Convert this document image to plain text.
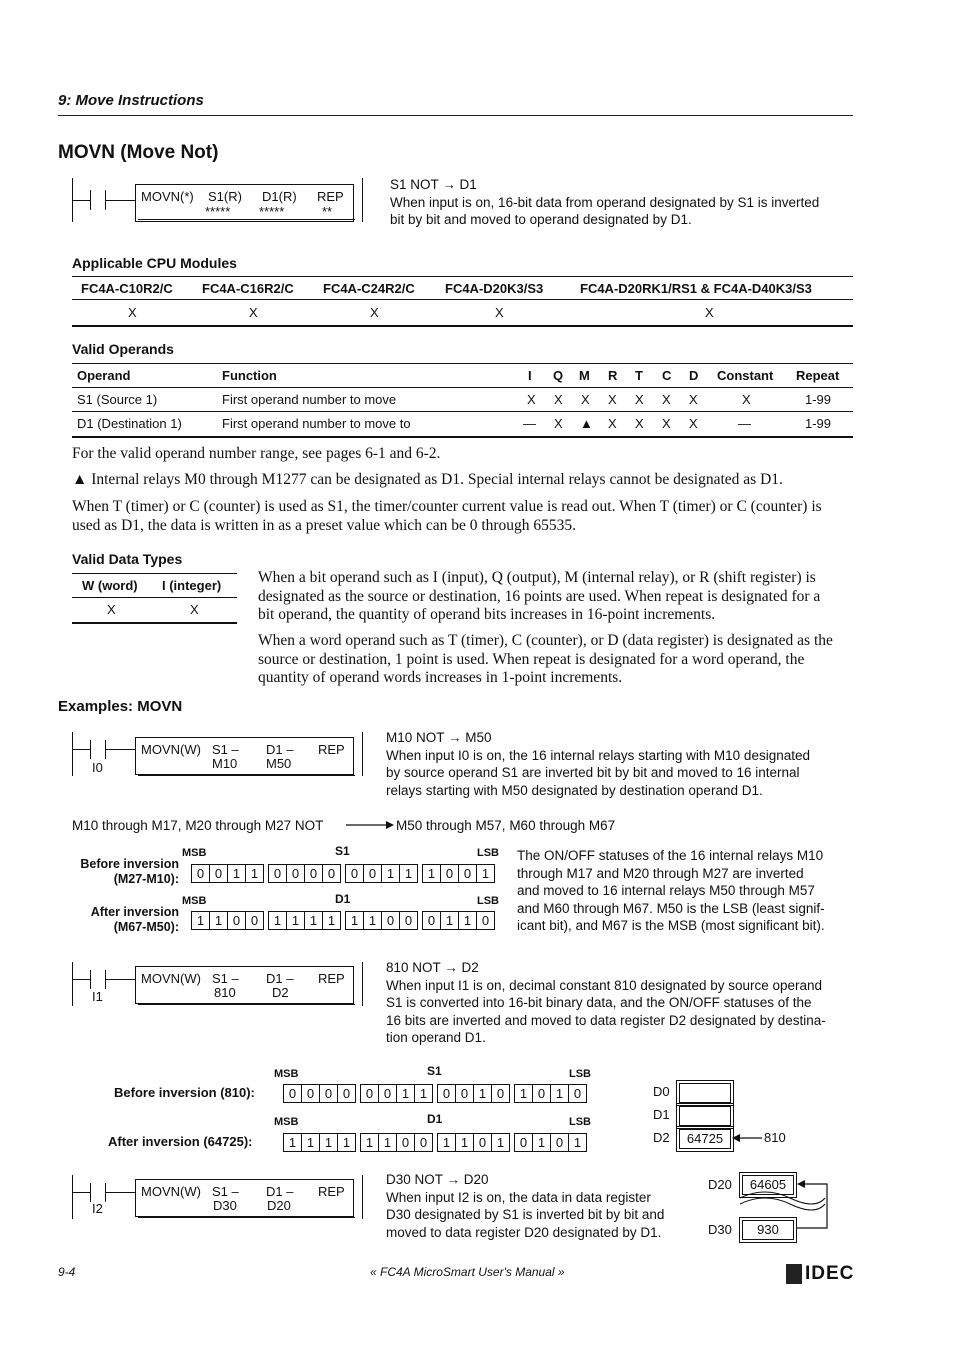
9: Move Instructions
MOVN (Move Not)
MOVN(*) S1(R) D1(R) REP
***** *****	**
S1 NOT → D1
When input is on, 16-bit data from operand designated by S1 is inverted
bit by bit and moved to operand designated by D1.
Applicable CPU Modules
FC4A-C10R2/C FC4A-C16R2/C FC4A-C24R2/C FC4A-D20K3/S3	FC4A-D20RK1/RS1 & FC4A-D40K3/S3
X	X	X	X	X
Valid Operands
Operand	Function	I Q M R T C D Constant Repeat
S1 (Source 1)	First operand number to move	X X X X X X X	X	1-99
D1 (Destination 1)	First operand number to move to	— X ▲ X X X X	—	1-99
For the valid operand number range, see pages 6-1 and 6-2.
▲ Internal relays M0 through M1277 can be designated as D1. Special internal relays cannot be designated as D1.
When T (timer) or C (counter) is used as S1, the timer/counter current value is read out. When T (timer) or C (counter) is
used as D1, the data is written in as a preset value which can be 0 through 65535.
Valid Data Types
W (word) I (integer)
X	X
When a bit operand such as I (input), Q (output), M (internal relay), or R (shift register) is
designated as the source or destination, 16 points are used. When repeat is designated for a
bit operand, the quantity of operand bits increases in 16-point increments.
When a word operand such as T (timer), C (counter), or D (data register) is designated as the
source or destination, 1 point is used. When repeat is designated for a word operand, the
quantity of operand words increases in 1-point increments.
Examples: MOVN
I0
MOVN(W) S1 – D1 – REP
M10 M50
M10 NOT → M50
When input I0 is on, the 16 internal relays starting with M10 designated
by source operand S1 are inverted bit by bit and moved to 16 internal
relays starting with M50 designated by destination operand D1.
M10 through M17, M20 through M27 NOT	M50 through M57, M60 through M67
Before inversion
(M27-M10):
MSB	S1	LSB
0 0 1 1	0 0 0 0	0 0 1 1	1 0 0 1
After inversion
(M67-M50):
MSB	D1	LSB
1 1 0 0	1 1 1 1	1 1 0 0	0 1 1 0
The ON/OFF statuses of the 16 internal relays M10
through M17 and M20 through M27 are inverted
and moved to 16 internal relays M50 through M57
and M60 through M67. M50 is the LSB (least signif-
icant bit), and M67 is the MSB (most significant bit).
I1
MOVN(W) S1 – D1 – REP
810	D2
810 NOT → D2
When input I1 is on, decimal constant 810 designated by source operand
S1 is converted into 16-bit binary data, and the ON/OFF statuses of the
16 bits are inverted and moved to data register D2 designated by destina-
tion operand D1.
MSB	S1	LSB
Before inversion (810):	0 0 0 0	0 0 1 1	0 0 1 0	1 0 1 0
MSB	D1	LSB
After inversion (64725):	1 1 1 1	1 1 0 0	1 1 0 1	0 1 0 1
D0
D1
D2	64725	810
I2
MOVN(W) S1 – D1 – REP
D30 D20
D30 NOT → D20
When input I2 is on, the data in data register
D30 designated by S1 is inverted bit by bit and
moved to data register D20 designated by D1.
D20	64605
D30	930
9-4	« FC4A MicroSmart User's Manual »	IDEC
